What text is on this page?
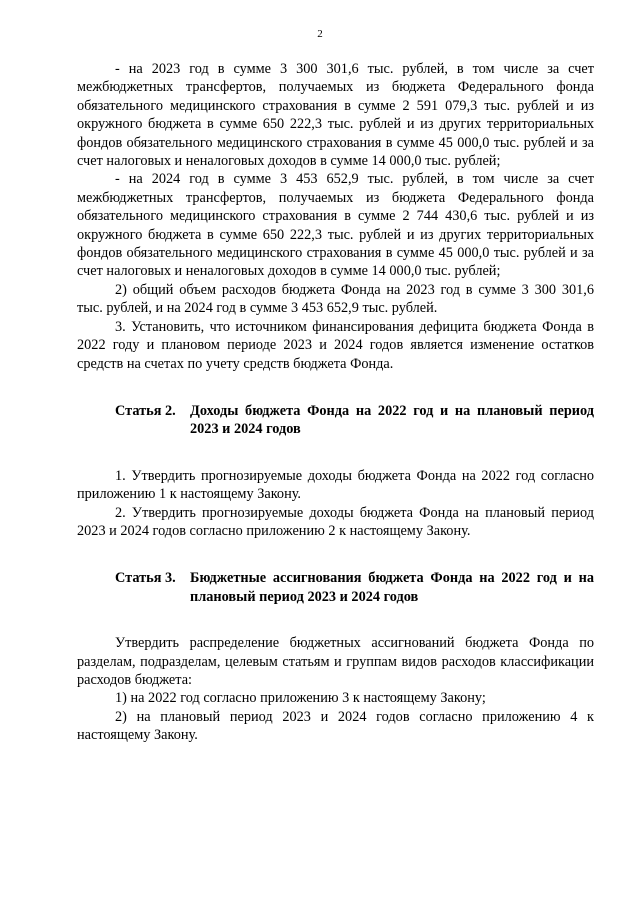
2

- на 2023 год в сумме 3 300 301,6 тыс. рублей, в том числе за счет межбюджетных трансфертов, получаемых из бюджета Федерального фонда обязательного медицинского страхования в сумме 2 591 079,3 тыс. рублей и из окружного бюджета в сумме 650 222,3 тыс. рублей и из других территориальных фондов обязательного медицинского страхования в сумме 45 000,0 тыс. рублей и за счет налоговых и неналоговых доходов в сумме 14 000,0 тыс. рублей;

- на 2024 год в сумме 3 453 652,9 тыс. рублей, в том числе за счет межбюджетных трансфертов, получаемых из бюджета Федерального фонда обязательного медицинского страхования в сумме 2 744 430,6 тыс. рублей и из окружного бюджета в сумме 650 222,3 тыс. рублей и из других территориальных фондов обязательного медицинского страхования в сумме 45 000,0 тыс. рублей и за счет налоговых и неналоговых доходов в сумме 14 000,0 тыс. рублей;

2) общий объем расходов бюджета Фонда на 2023 год в сумме 3 300 301,6 тыс. рублей, и на 2024 год в сумме 3 453 652,9 тыс. рублей.

3. Установить, что источником финансирования дефицита бюджета Фонда в 2022 году и плановом периоде 2023 и 2024 годов является изменение остатков средств на счетах по учету средств бюджета Фонда.

Статья 2. Доходы бюджета Фонда на 2022 год и на плановый период 2023 и 2024 годов

1. Утвердить прогнозируемые доходы бюджета Фонда на 2022 год согласно приложению 1 к настоящему Закону.

2. Утвердить прогнозируемые доходы бюджета Фонда на плановый период 2023 и 2024 годов согласно приложению 2 к настоящему Закону.

Статья 3. Бюджетные ассигнования бюджета Фонда на 2022 год и на плановый период 2023 и 2024 годов

Утвердить распределение бюджетных ассигнований бюджета Фонда по разделам, подразделам, целевым статьям и группам видов расходов классификации расходов бюджета:

1) на 2022 год согласно приложению 3 к настоящему Закону;

2) на плановый период 2023 и 2024 годов согласно приложению 4 к настоящему Закону.
